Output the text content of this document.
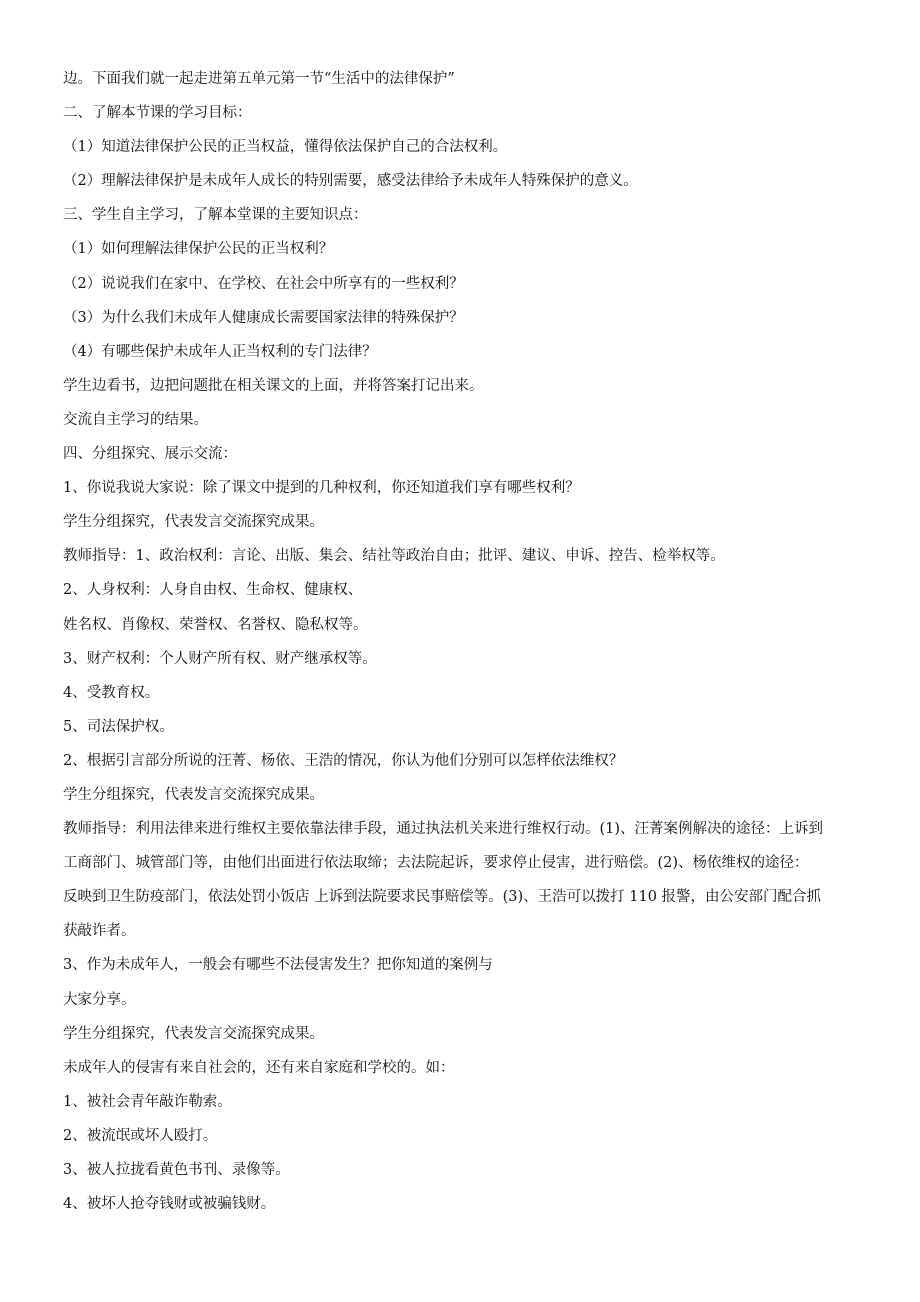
边。下面我们就一起走进第五单元第一节“生活中的法律保护”
二、了解本节课的学习目标：
（1）知道法律保护公民的正当权益，懂得依法保护自己的合法权利。
（2）理解法律保护是未成年人成长的特别需要，感受法律给予未成年人特殊保护的意义。
三、学生自主学习，了解本堂课的主要知识点：
（1）如何理解法律保护公民的正当权利？
（2）说说我们在家中、在学校、在社会中所享有的一些权利？
（3）为什么我们未成年人健康成长需要国家法律的特殊保护？
（4）有哪些保护未成年人正当权利的专门法律？
学生边看书，边把问题批在相关课文的上面，并将答案打记出来。
交流自主学习的结果。
四、分组探究、展示交流：
1、你说我说大家说：除了课文中提到的几种权利，你还知道我们享有哪些权利？
学生分组探究，代表发言交流探究成果。
教师指导：1、政治权利：言论、出版、集会、结社等政治自由；批评、建议、申诉、控告、检举权等。
2、人身权利：人身自由权、生命权、健康权、
姓名权、肖像权、荣誉权、名誉权、隐私权等。
3、财产权利：个人财产所有权、财产继承权等。
4、受教育权。
5、司法保护权。
2、根据引言部分所说的汪菁、杨依、王浩的情况，你认为他们分别可以怎样依法维权？
学生分组探究，代表发言交流探究成果。
教师指导：利用法律来进行维权主要依靠法律手段，通过执法机关来进行维权行动。(1)、汪菁案例解决的途径：上诉到
工商部门、城管部门等，由他们出面进行依法取缔；去法院起诉，要求停止侵害，进行赔偿。(2)、杨依维权的途径：
反映到卫生防疫部门，依法处罚小饭店 上诉到法院要求民事赔偿等。(3)、王浩可以拨打 110 报警，由公安部门配合抓
获敲诈者。
3、作为未成年人，一般会有哪些不法侵害发生？把你知道的案例与
大家分享。
学生分组探究，代表发言交流探究成果。
未成年人的侵害有来自社会的，还有来自家庭和学校的。如：
1、被社会青年敲诈勒索。
2、被流氓或坏人殴打。
3、被人拉拢看黄色书刊、录像等。
4、被坏人抢夺钱财或被骗钱财。
